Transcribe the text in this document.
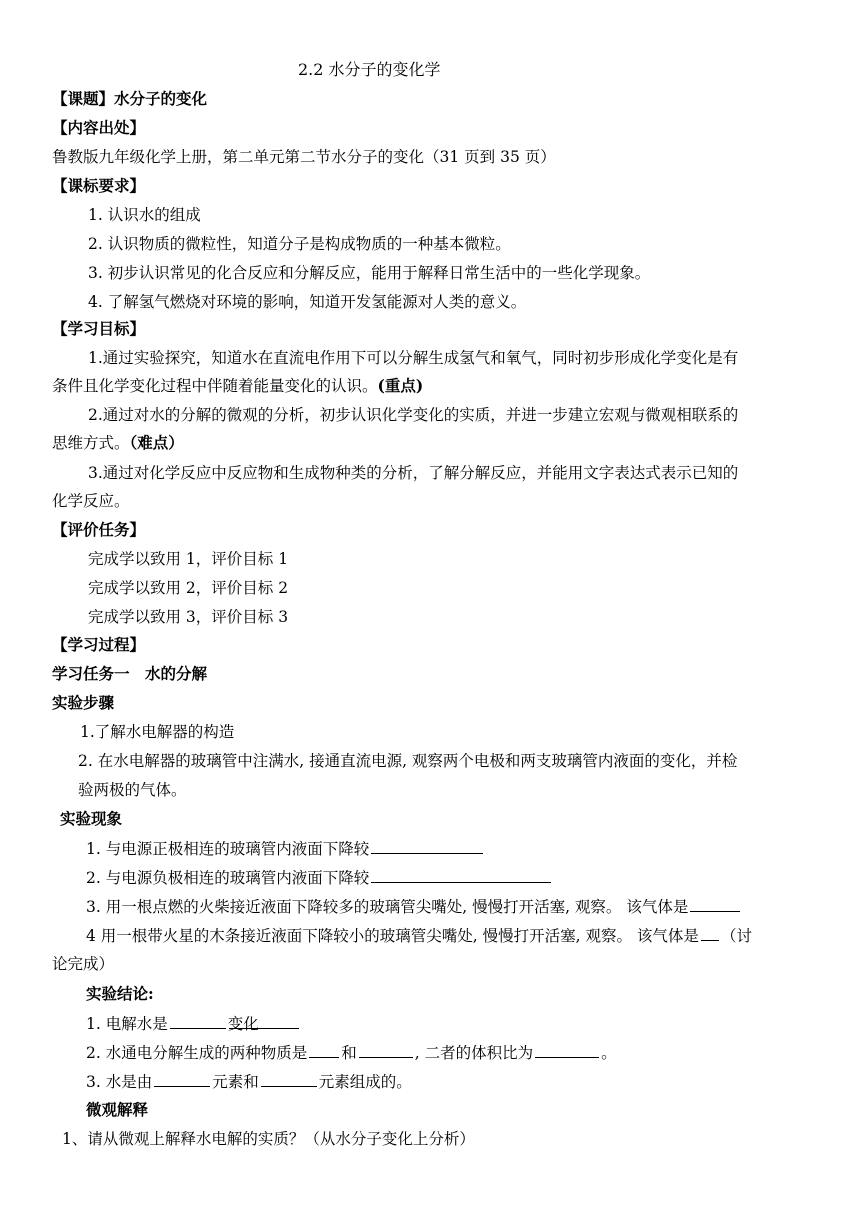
2.2 水分子的变化学
【课题】水分子的变化
【内容出处】
鲁教版九年级化学上册，第二单元第二节水分子的变化（31 页到 35 页）
【课标要求】
1. 认识水的组成
2. 认识物质的微粒性，知道分子是构成物质的一种基本微粒。
3. 初步认识常见的化合反应和分解反应，能用于解释日常生活中的一些化学现象。
4. 了解氢气燃烧对环境的影响，知道开发氢能源对人类的意义。
【学习目标】
1.通过实验探究，知道水在直流电作用下可以分解生成氢气和氧气，同时初步形成化学变化是有
条件且化学变化过程中伴随着能量变化的认识。(重点)
2.通过对水的分解的微观的分析，初步认识化学变化的实质，并进一步建立宏观与微观相联系的
思维方式。（难点）
3.通过对化学反应中反应物和生成物种类的分析，了解分解反应，并能用文字表达式表示已知的
化学反应。
【评价任务】
完成学以致用 1，评价目标 1
完成学以致用 2，评价目标 2
完成学以致用 3，评价目标 3
【学习过程】
学习任务一　水的分解
实验步骤
1.了解水电解器的构造
2. 在水电解器的玻璃管中注满水, 接通直流电源, 观察两个电极和两支玻璃管内液面的变化，并检
验两极的气体。
实验现象
1. 与电源正极相连的玻璃管内液面下降较
2. 与电源负极相连的玻璃管内液面下降较
3. 用一根点燃的火柴接近液面下降较多的玻璃管尖嘴处, 慢慢打开活塞, 观察。 该气体是
4 用一根带火星的木条接近液面下降较小的玻璃管尖嘴处, 慢慢打开活塞, 观察。 该气体是 （讨
论完成）
实验结论:
1. 电解水是	变化
2. 水通电分解生成的两种物质是 和	, 二者的体积比为	。
3. 水是由	元素和	元素组成的。
微观解释
1、请从微观上解释水电解的实质？（从水分子变化上分析）
